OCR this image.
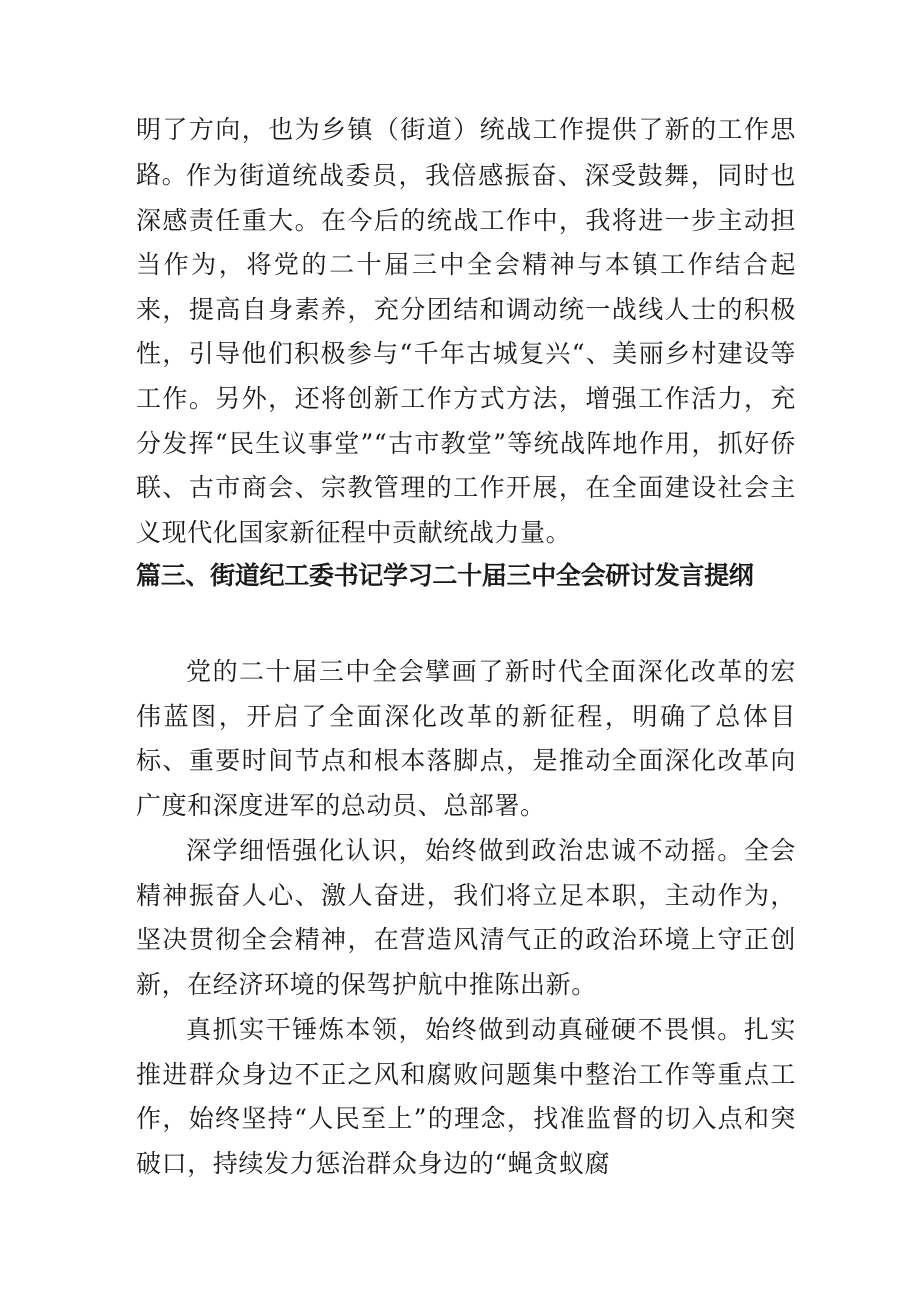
明了方向，也为乡镇（街道）统战工作提供了新的工作思路。

作为街道统战委员，我倍感振奋、深受鼓舞，同时也深感责任重大。在今后的统战工作中，我将进一步主动担当作为，将党的二十届三中全会精神与本镇工作结合起来，提高自身素养，充分团结和调动统一战线人士的积极性，引导他们积极参与“千年古城复兴“、美丽乡村建设等工作。另外，还将创新工作方式方法，增强工作活力，充分发挥“民生议事堂”“古市教堂”等统战阵地作用，抓好侨联、古市商会、宗教管理的工作开展，在全面建设社会主义现代化国家新征程中贡献统战力量。

篇三、街道纪工委书记学习二十届三中全会研讨发言提纲

党的二十届三中全会擘画了新时代全面深化改革的宏伟蓝图，开启了全面深化改革的新征程，明确了总体目标、重要时间节点和根本落脚点，是推动全面深化改革向广度和深度进军的总动员、总部署。

深学细悟强化认识，始终做到政治忠诚不动摇。全会精神振奋人心、激人奋进，我们将立足本职，主动作为，坚决贯彻全会精神，在营造风清气正的政治环境上守正创新，在经济环境的保驾护航中推陈出新。

真抓实干锤炼本领，始终做到动真碰硬不畏惧。扎实推进群众身边不正之风和腐败问题集中整治工作等重点工作，始终坚持“人民至上”的理念，找准监督的切入点和突破口，持续发力惩治群众身边的“蝇贪蚁腐
